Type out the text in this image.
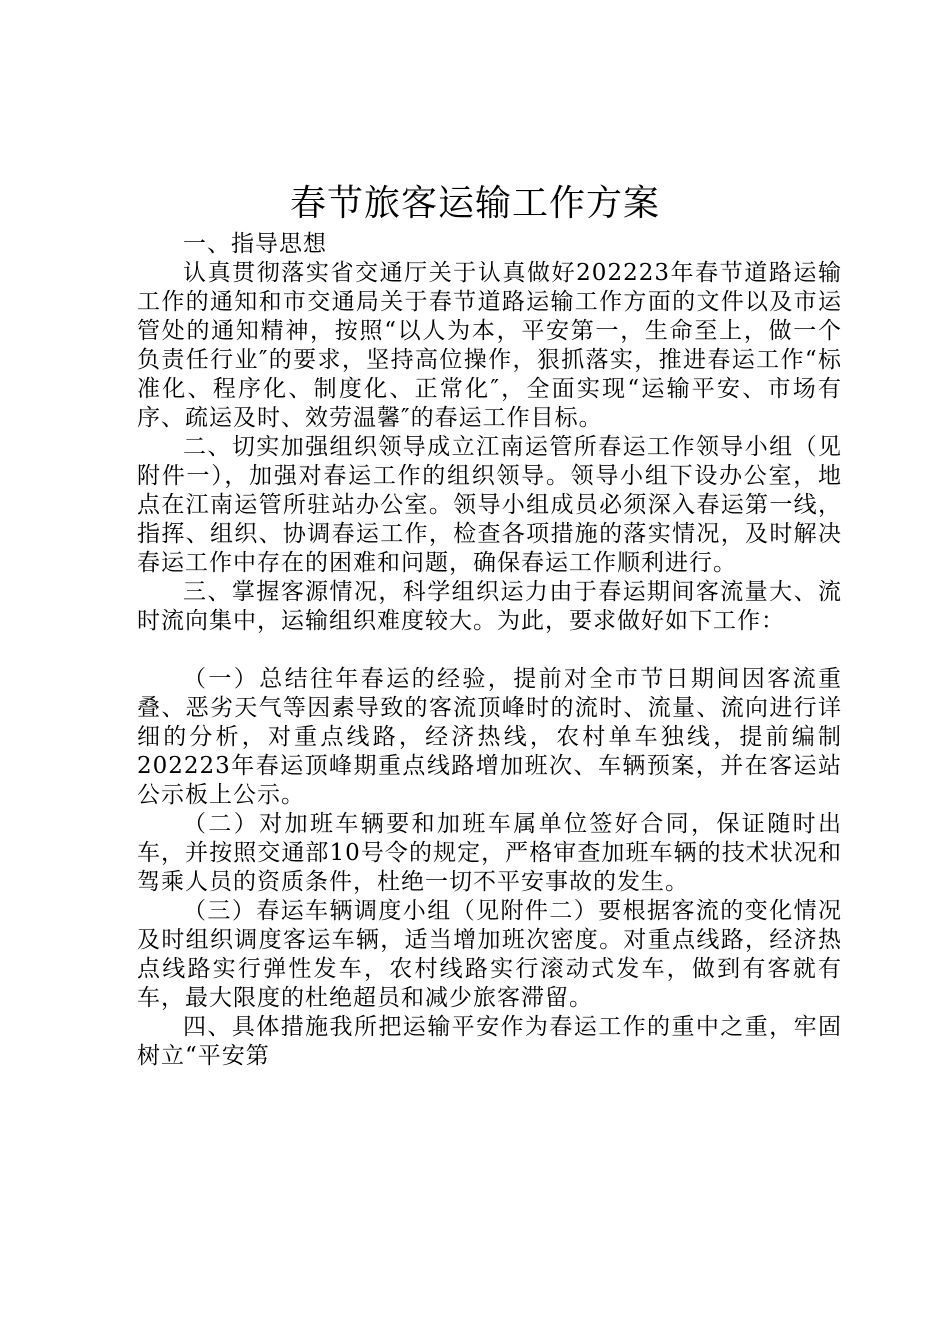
春节旅客运输工作方案

一、指导思想

认真贯彻落实省交通厅关于认真做好202223年春节道路运输工作的通知和市交通局关于春节道路运输工作方面的文件以及市运管处的通知精神，按照“以人为本，平安第一，生命至上，做一个负责任行业″的要求，坚持高位操作，狠抓落实，推进春运工作“标准化、程序化、制度化、正常化″，全面实现“运输平安、市场有序、疏运及时、效劳温馨″的春运工作目标。

二、切实加强组织领导成立江南运管所春运工作领导小组（见附件一），加强对春运工作的组织领导。领导小组下设办公室，地点在江南运管所驻站办公室。领导小组成员必须深入春运第一线，指挥、组织、协调春运工作，检查各项措施的落实情况，及时解决春运工作中存在的困难和问题，确保春运工作顺利进行。

三、掌握客源情况，科学组织运力由于春运期间客流量大、流时流向集中，运输组织难度较大。为此，要求做好如下工作：

（一）总结往年春运的经验，提前对全市节日期间因客流重叠、恶劣天气等因素导致的客流顶峰时的流时、流量、流向进行详细的分析，对重点线路，经济热线，农村单车独线，提前编制202223年春运顶峰期重点线路增加班次、车辆预案，并在客运站公示板上公示。

（二）对加班车辆要和加班车属单位签好合同，保证随时出车，并按照交通部10号令的规定，严格审查加班车辆的技术状况和驾乘人员的资质条件，杜绝一切不平安事故的发生。

（三）春运车辆调度小组（见附件二）要根据客流的变化情况及时组织调度客运车辆，适当增加班次密度。对重点线路，经济热点线路实行弹性发车，农村线路实行滚动式发车，做到有客就有车，最大限度的杜绝超员和减少旅客滞留。

四、具体措施我所把运输平安作为春运工作的重中之重，牢固树立“平安第
